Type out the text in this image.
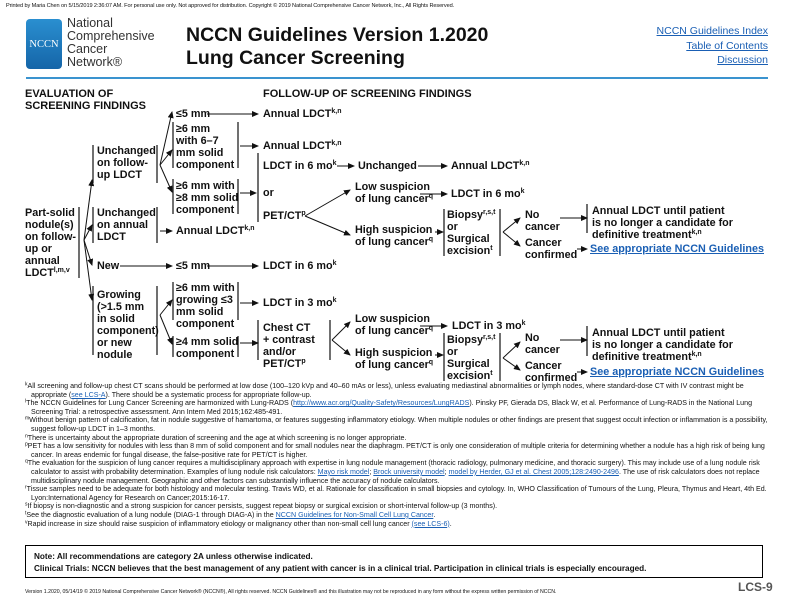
Printed by Maria Chen on 5/15/2019 2:36:07 AM. For personal use only. Not approved for distribution. Copyright © 2019 National Comprehensive Cancer Network, Inc., All Rights Reserved.
NCCN
National
Comprehensive
Cancer
Network®
NCCN Guidelines Version 1.2020
Lung Cancer Screening
NCCN Guidelines Index
Table of Contents
Discussion
EVALUATION OF
SCREENING FINDINGS
FOLLOW-UP OF SCREENING FINDINGS
Part-solid
nodule(s)
on follow-
up or
annual
LDCT$^{l,m,v}$
Unchanged
on follow-
up LDCT
≤5 mm
≥6 mm
with 6–7
mm solid
component
Annual LDCT$^{k,n}$
Annual LDCT$^{k,n}$
≥6 mm with
≥8 mm solid
component
LDCT in 6 $mo^k$
or
PET/$CT^p$
Unchanged	Annual LDCT$^{k,n}$
Low suspicion
of lung cancer$^q$ LDCT in 6 $mo^k$
High suspicion
of lung cancer$^q$
Biopsy$^{r,s,t}$
or
Surgical
excision$^t$
No
cancer
Cancer
confirmed
Annual LDCT until patient
is no longer a candidate for
definitive treatment$^{k,n}$
See appropriate NCCN Guidelines
Unchanged
on annual
LDCT	Annual LDCT$^{k,n}$
New	≤5 mm	LDCT in 6 $mo^k$
Growing
(>1.5 mm
in solid
component)
or new
nodule
≥6 mm with
growing ≤3
mm solid
component
LDCT in 3 $mo^k$
≥4 mm solid
component
Chest CT
+ contrast
and/or
PET/$CT^p$
Low suspicion
of lung cancer$^q$ LDCT in 3 $mo^k$
High suspicion
of lung cancer$^q$
Biopsy$^{r,s,t}$
or
Surgical
excision$^t$
No
cancer
Cancer
confirmed
Annual LDCT until patient
is no longer a candidate for
definitive treatment$^{k,n}$
See appropriate NCCN Guidelines
$^k$All screening and follow-up chest CT scans should be performed at low dose (100–120 kVp and 40–60 mAs or less), unless evaluating mediastinal abnormalities or lymph nodes, where standard-dose CT with IV contrast might be appropriate (see LCS-A). There should be a systematic process for appropriate follow-up.
$^l$The NCCN Guidelines for Lung Cancer Screening are harmonized with Lung-RADS (http://www.acr.org/Quality-Safety/Resources/LungRADS). Pinsky PF, Gierada DS, Black W, et al. Performance of Lung-RADS in the National Lung Screening Trial: a retrospective assessment. Ann Intern Med 2015;162:485-491.
$^m$Without benign pattern of calcification, fat in nodule suggestive of hamartoma, or features suggesting inflammatory etiology. When multiple nodules or other findings are present that suggest occult infection or inflammation is a possibility, suggest follow-up LDCT in 1–3 months.
$^n$There is uncertainty about the appropriate duration of screening and the age at which screening is no longer appropriate.
$^p$PET has a low sensitivity for nodules with less than 8 mm of solid component and for small nodules near the diaphragm. PET/CT is only one consideration of multiple criteria for determining whether a nodule has a high risk of being lung cancer. In areas endemic for fungal disease, the false-positive rate for PET/CT is higher.
$^q$The evaluation for the suspicion of lung cancer requires a multidisciplinary approach with expertise in lung nodule management (thoracic radiology, pulmonary medicine, and thoracic surgery). This may include use of a lung nodule risk calculator to assist with probability determination. Examples of lung nodule risk calculators: Mayo risk model; Brock university model; model by Herder, GJ et al. Chest 2005;128:2490-2496. The use of risk calculators does not replace multidisciplinary nodule management. Geographic and other factors can substantially influence the accuracy of nodule calculators.
$^r$Tissue samples need to be adequate for both histology and molecular testing. Travis WD, et al. Rationale for classification in small biopsies and cytology. In, WHO Classification of Tumours of the Lung, Pleura, Thymus and Heart, 4th Ed. Lyon:International Agency for Research on Cancer;2015:16-17.
$^s$If biopsy is non-diagnostic and a strong suspicion for cancer persists, suggest repeat biopsy or surgical excision or short-interval follow-up (3 months).
$^t$See the diagnostic evaluation of a lung nodule (DIAG-1 through DIAG-A) in the NCCN Guidelines for Non-Small Cell Lung Cancer.
$^v$Rapid increase in size should raise suspicion of inflammatory etiology or malignancy other than non-small cell lung cancer (see LCS-6).
Note: All recommendations are category 2A unless otherwise indicated.
Clinical Trials: NCCN believes that the best management of any patient with cancer is in a clinical trial. Participation in clinical trials is especially encouraged.
Version 1.2020, 05/14/19 © 2019 National Comprehensive Cancer Network® (NCCN®), All rights reserved. NCCN Guidelines® and this illustration may not be reproduced in any form without the express written permission of NCCN.	LCS-9
